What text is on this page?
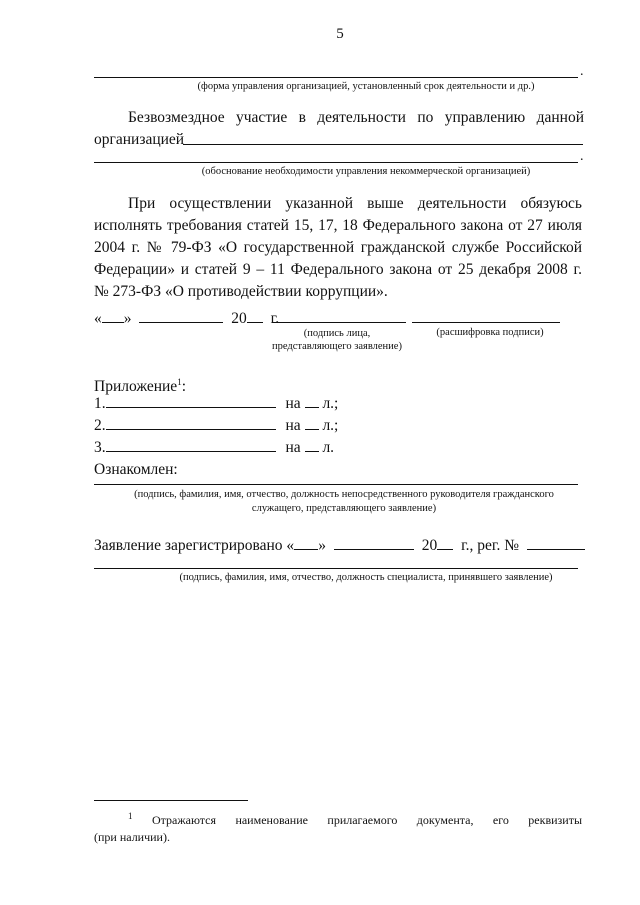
5
.
(форма управления организацией, установленный срок деятельности и др.)
Безвозмездное участие в деятельности по управлению данной
организацией
.
(обоснование необходимости управления некоммерческой организацией)
При осуществлении указанной выше деятельности обязуюсь
исполнять требования статей 15, 17, 18 Федерального закона от 27 июля
2004 г. № 79-ФЗ «О государственной гражданской службе Российской
Федерации» и статей 9 – 11 Федерального закона от 25 декабря 2008 г.
№ 273-ФЗ «О противодействии коррупции».
« »	20 г.
(подпись лица,
представляющего заявление)
(расшифровка подписи)
Приложение$^1$:
1.	на л.;
2.	на л.;
3.	на л.
Ознакомлен:
(подпись, фамилия, имя, отчество, должность непосредственного руководителя гражданского
служащего, представляющего заявление)
Заявление зарегистрировано « »	20 г., рег. №
(подпись, фамилия, имя, отчество, должность специалиста, принявшего заявление)
$^1$ Отражаются наименование прилагаемого документа, его реквизиты
(при наличии).
